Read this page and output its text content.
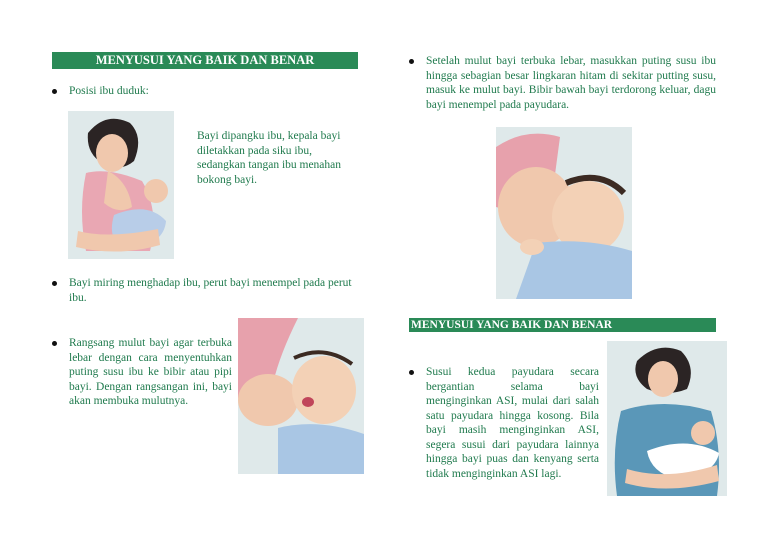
MENYUSUI YANG BAIK DAN BENAR
Posisi ibu duduk:
Bayi dipangku ibu, kepala bayi diletakkan pada siku ibu, sedangkan tangan ibu menahan bokong bayi.
Bayi miring menghadap ibu, perut bayi menempel pada perut ibu.
Rangsang mulut bayi agar terbuka lebar dengan cara menyentuhkan puting susu ibu ke bibir atau pipi bayi. Dengan rangsangan ini, bayi akan membuka mulutnya.
Setelah mulut bayi terbuka lebar, masukkan puting susu ibu hingga sebagian besar lingkaran hitam di sekitar putting susu, masuk ke mulut bayi. Bibir bawah bayi terdorong keluar, dagu bayi menempel pada payudara.
MENYUSUI YANG BAIK DAN BENAR
Susui kedua payudara secara bergantian selama bayi menginginkan ASI, mulai dari salah satu payudara hingga kosong. Bila bayi masih menginginkan ASI, segera susui dari payudara lainnya hingga bayi puas dan kenyang serta tidak menginginkan ASI lagi.
